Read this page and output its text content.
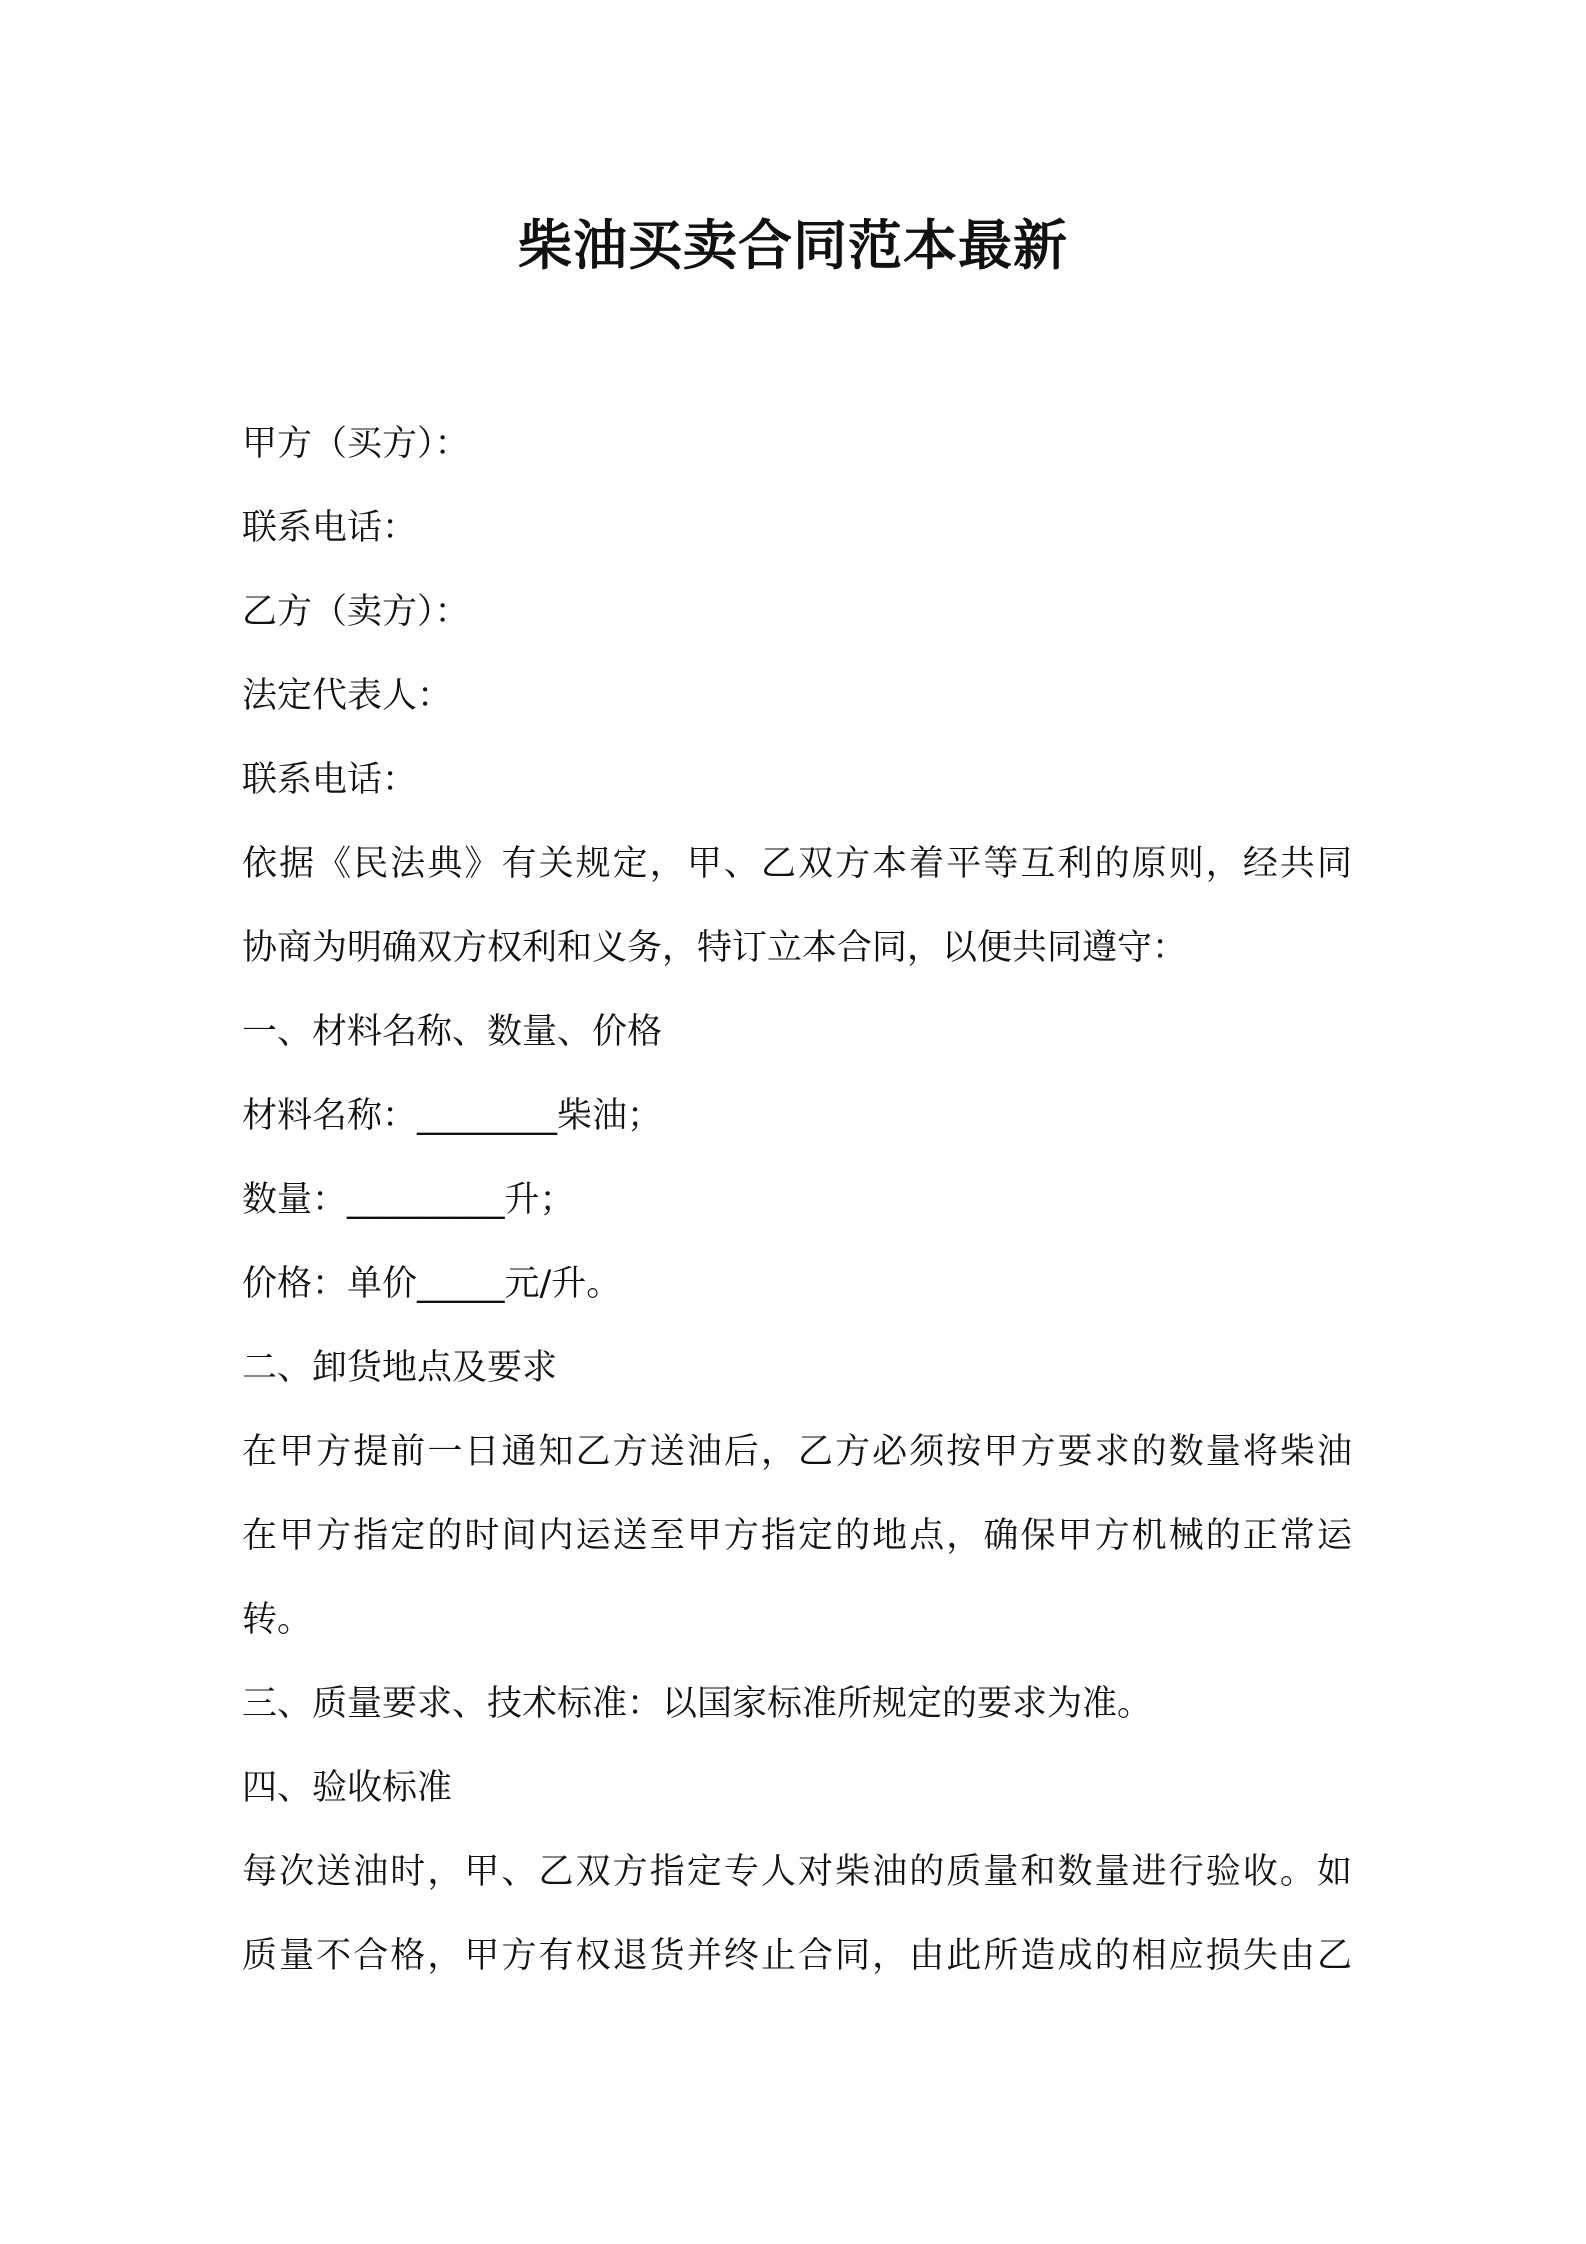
柴油买卖合同范本最新
甲方（买方）：
联系电话：
乙方（卖方）：
法定代表人：
联系电话：
依据《民法典》有关规定，甲、乙双方本着平等互利的原则，经共同
协商为明确双方权利和义务，特订立本合同，以便共同遵守：
一、材料名称、数量、价格
材料名称：________柴油；
数量：_________升；
价格：单价_____元/升。
二、卸货地点及要求
在甲方提前一日通知乙方送油后，乙方必须按甲方要求的数量将柴油
在甲方指定的时间内运送至甲方指定的地点，确保甲方机械的正常运
转。
三、质量要求、技术标准：以国家标准所规定的要求为准。
四、验收标准
每次送油时，甲、乙双方指定专人对柴油的质量和数量进行验收。如
质量不合格，甲方有权退货并终止合同，由此所造成的相应损失由乙
